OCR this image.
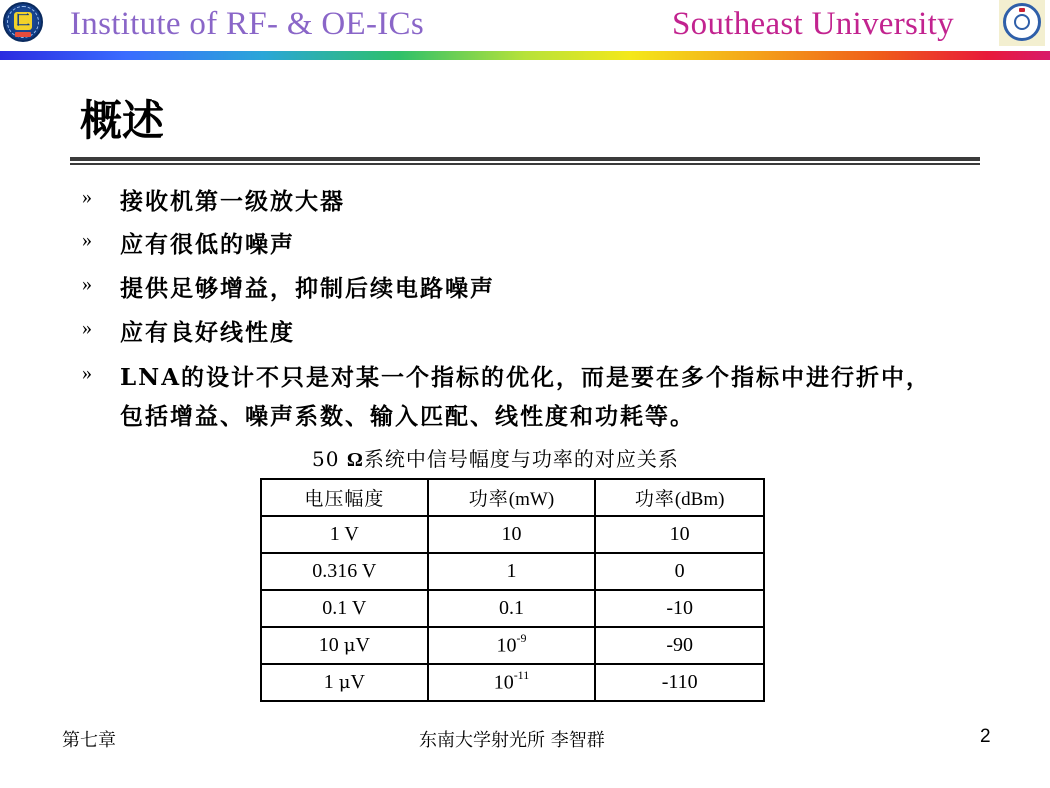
匚 Institute of RF- & OE-ICs	Southeast University
概述
» 接收机第一级放大器
» 应有很低的噪声
» 提供足够增益，抑制后续电路噪声
» 应有良好线性度
» LNA的设计不只是对某一个指标的优化，而是要在多个指标中进行折中，
包括增益、噪声系数、输入匹配、线性度和功耗等。
50 Ω系统中信号幅度与功率的对应关系
电压幅度	功率(mW)	功率(dBm)
1 V	10	10
0.316 V	1	0
0.1 V	0.1	-10
10 μV	$10^{-9}$	-90
1 μV	$10^{-11}$	-110
第七章	东南大学射光所 李智群	2
